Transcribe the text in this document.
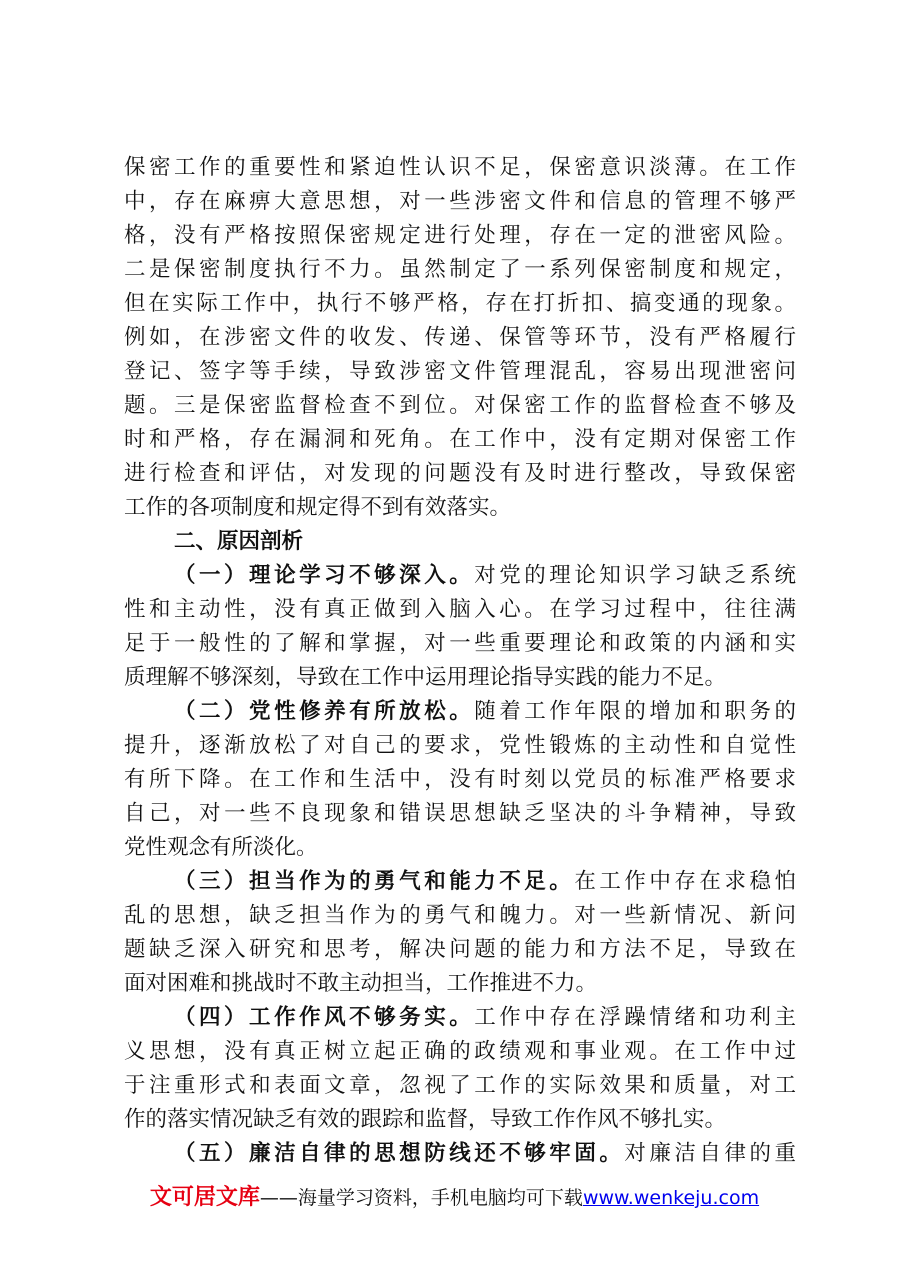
保密工作的重要性和紧迫性认识不足，保密意识淡薄。在工作
中，存在麻痹大意思想，对一些涉密文件和信息的管理不够严
格，没有严格按照保密规定进行处理，存在一定的泄密风险。
二是保密制度执行不力。虽然制定了一系列保密制度和规定，
但在实际工作中，执行不够严格，存在打折扣、搞变通的现象。
例如，在涉密文件的收发、传递、保管等环节，没有严格履行
登记、签字等手续，导致涉密文件管理混乱，容易出现泄密问
题。三是保密监督检查不到位。对保密工作的监督检查不够及
时和严格，存在漏洞和死角。在工作中，没有定期对保密工作
进行检查和评估，对发现的问题没有及时进行整改，导致保密
工作的各项制度和规定得不到有效落实。
二、原因剖析
（一）理论学习不够深入。对党的理论知识学习缺乏系统
性和主动性，没有真正做到入脑入心。在学习过程中，往往满
足于一般性的了解和掌握，对一些重要理论和政策的内涵和实
质理解不够深刻，导致在工作中运用理论指导实践的能力不足。
（二）党性修养有所放松。随着工作年限的增加和职务的
提升，逐渐放松了对自己的要求，党性锻炼的主动性和自觉性
有所下降。在工作和生活中，没有时刻以党员的标准严格要求
自己，对一些不良现象和错误思想缺乏坚决的斗争精神，导致
党性观念有所淡化。
（三）担当作为的勇气和能力不足。在工作中存在求稳怕
乱的思想，缺乏担当作为的勇气和魄力。对一些新情况、新问
题缺乏深入研究和思考，解决问题的能力和方法不足，导致在
面对困难和挑战时不敢主动担当，工作推进不力。
（四）工作作风不够务实。工作中存在浮躁情绪和功利主
义思想，没有真正树立起正确的政绩观和事业观。在工作中过
于注重形式和表面文章，忽视了工作的实际效果和质量，对工
作的落实情况缺乏有效的跟踪和监督，导致工作作风不够扎实。
（五）廉洁自律的思想防线还不够牢固。对廉洁自律的重
文可居文库——海量学习资料，手机电脑均可下载www.wenkeju.com
